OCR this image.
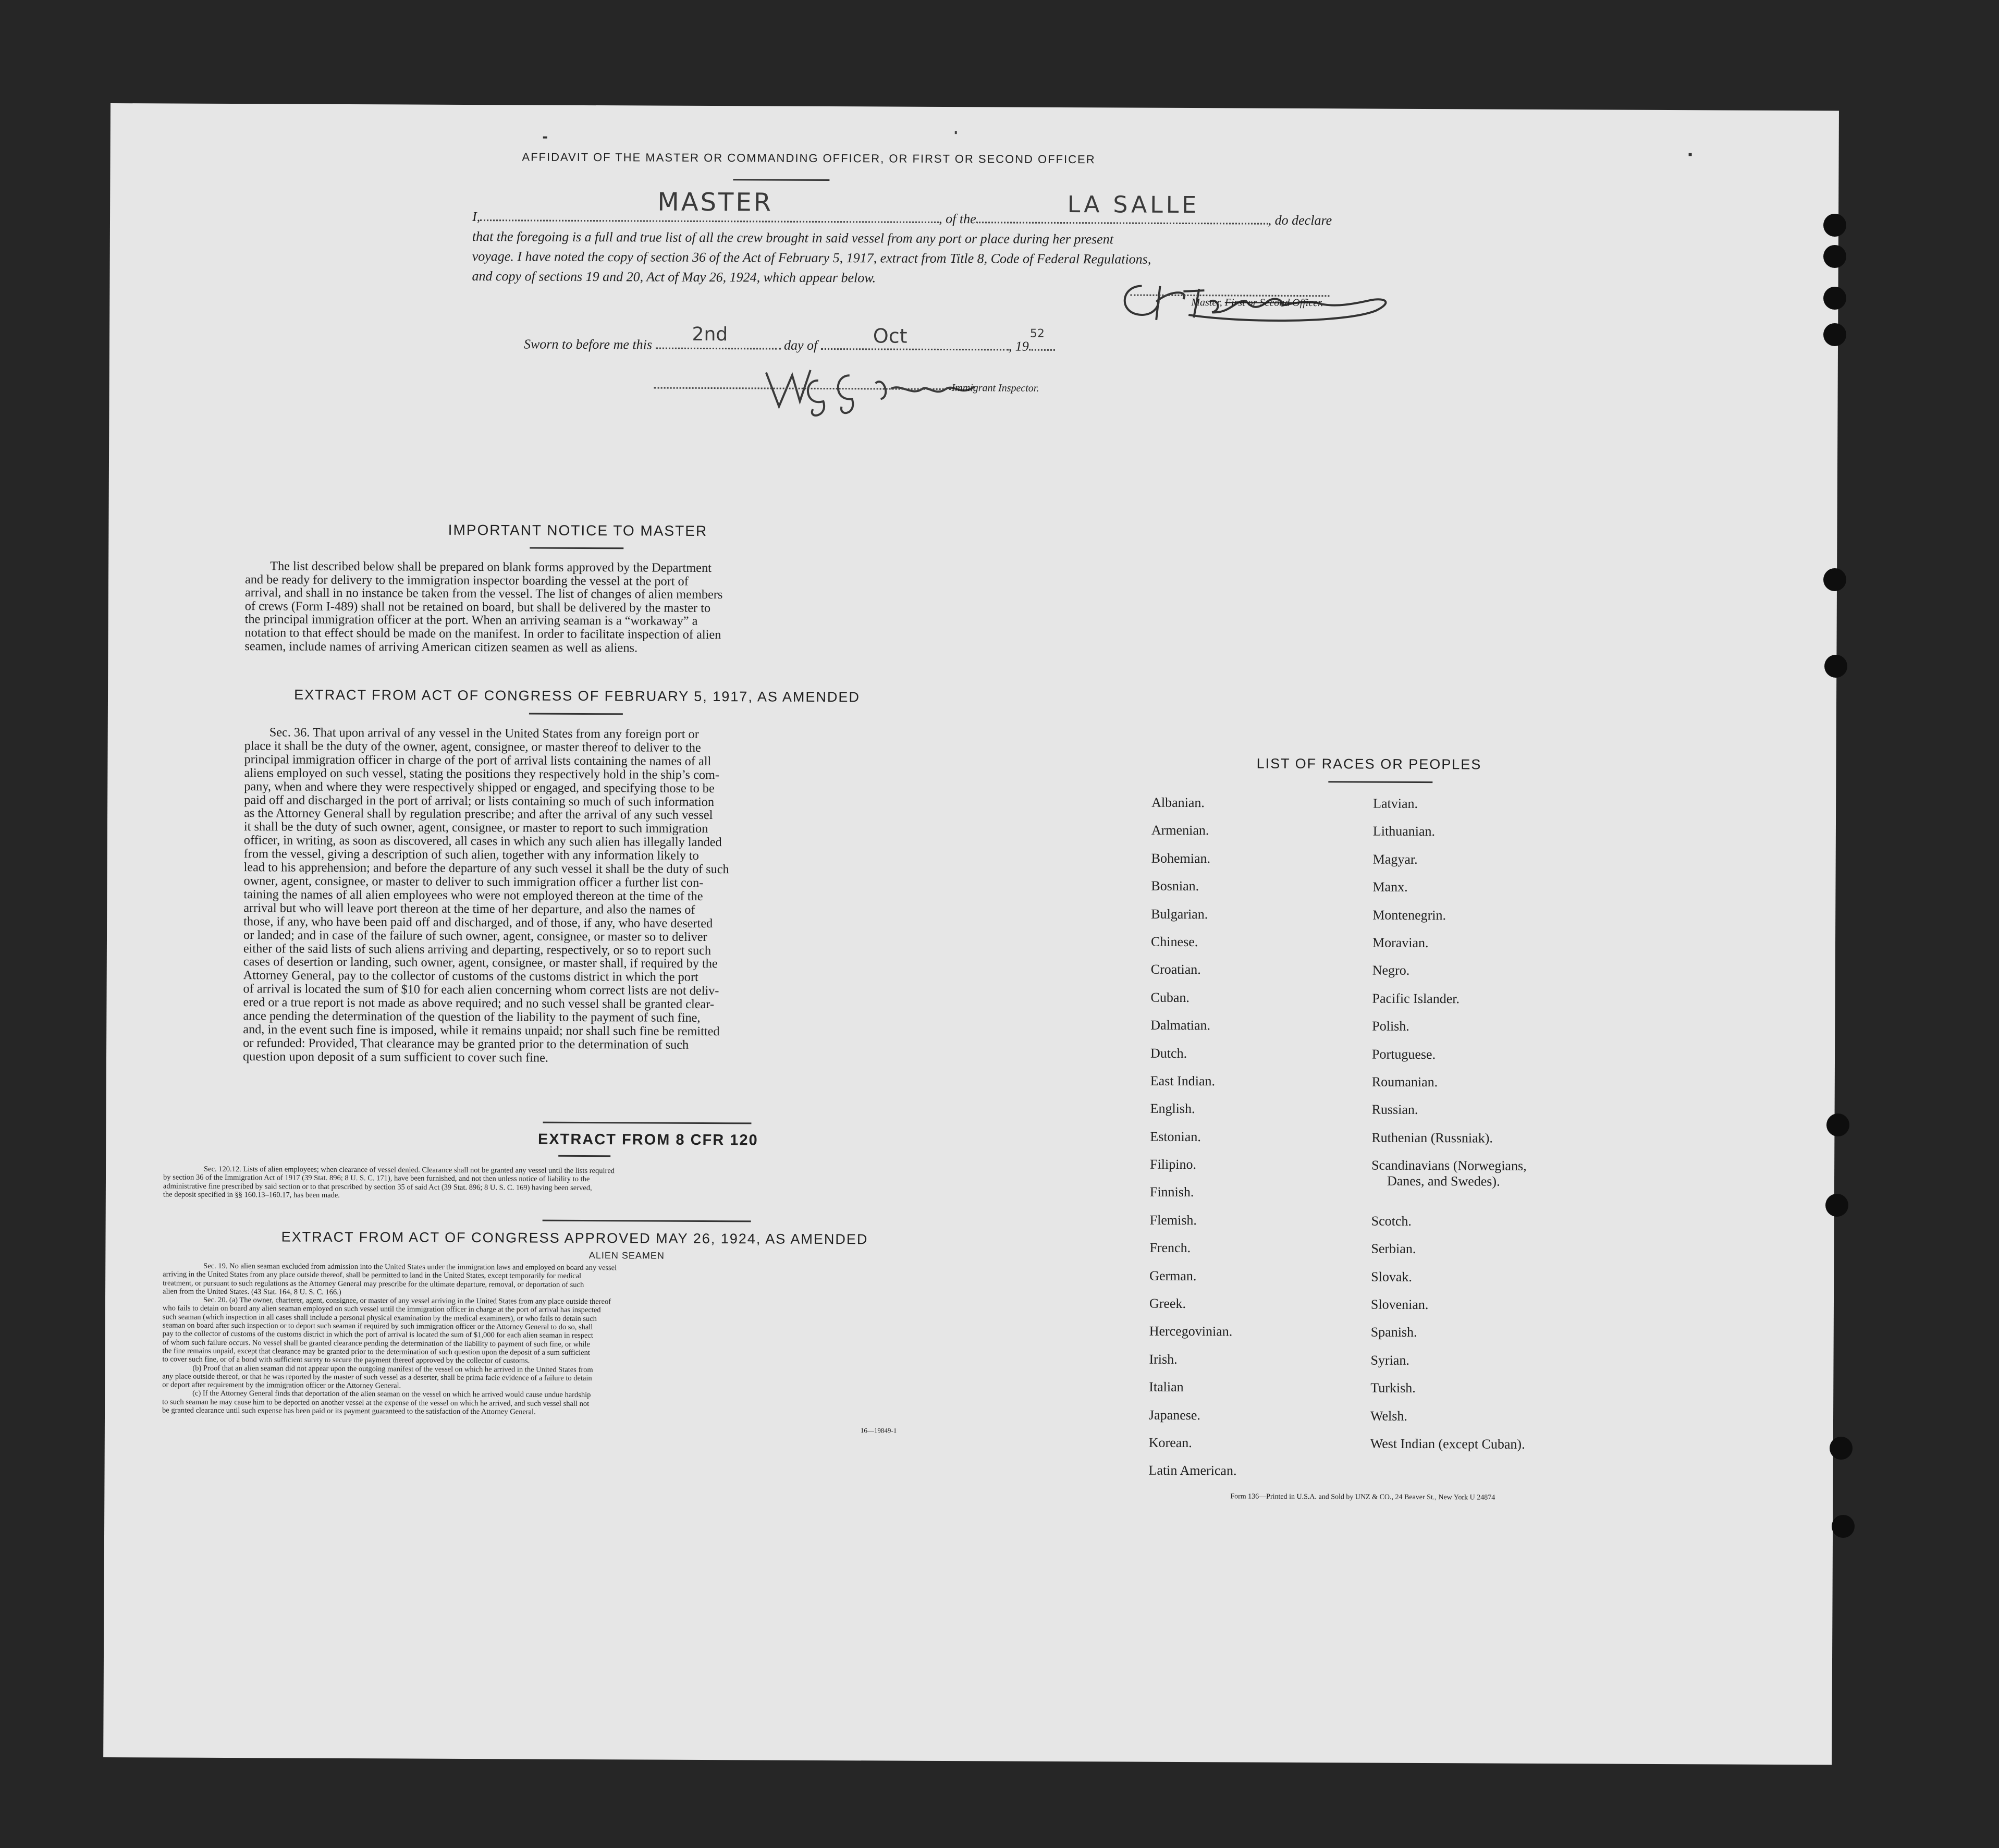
AFFIDAVIT OF THE MASTER OR COMMANDING OFFICER, OR FIRST OR SECOND OFFICER
I,	MASTER
, of the
LA SALLE
, do declare
that the foregoing is a full and true list of all the crew brought in said vessel from any port or place during her present
voyage. I have noted the copy of section 36 of the Act of February 5, 1917, extract from Title 8, Code of Federal Regulations,
and copy of sections 19 and 20, Act of May 26, 1924, which appear below.
Master, First or Second Officer.
Sworn to before me this 2nd
day of	Oct	, 19
52
Immigrant Inspector.
IMPORTANT NOTICE TO MASTER
The list described below shall be prepared on blank forms approved by the Department
and be ready for delivery to the immigration inspector boarding the vessel at the port of
arrival, and shall in no instance be taken from the vessel. The list of changes of alien members
of crews (Form I-489) shall not be retained on board, but shall be delivered by the master to
the principal immigration officer at the port. When an arriving seaman is a “workaway” a
notation to that effect should be made on the manifest. In order to facilitate inspection of alien
seamen, include names of arriving American citizen seamen as well as aliens.
EXTRACT FROM ACT OF CONGRESS OF FEBRUARY 5, 1917, AS AMENDED
Sec. 36. That upon arrival of any vessel in the United States from any foreign port or
place it shall be the duty of the owner, agent, consignee, or master thereof to deliver to the
principal immigration officer in charge of the port of arrival lists containing the names of all
aliens employed on such vessel, stating the positions they respectively hold in the ship’s com-
pany, when and where they were respectively shipped or engaged, and specifying those to be
paid off and discharged in the port of arrival; or lists containing so much of such information
as the Attorney General shall by regulation prescribe; and after the arrival of any such vessel
it shall be the duty of such owner, agent, consignee, or master to report to such immigration
officer, in writing, as soon as discovered, all cases in which any such alien has illegally landed
from the vessel, giving a description of such alien, together with any information likely to
lead to his apprehension; and before the departure of any such vessel it shall be the duty of such
owner, agent, consignee, or master to deliver to such immigration officer a further list con-
taining the names of all alien employees who were not employed thereon at the time of the
arrival but who will leave port thereon at the time of her departure, and also the names of
those, if any, who have been paid off and discharged, and of those, if any, who have deserted
or landed; and in case of the failure of such owner, agent, consignee, or master so to deliver
either of the said lists of such aliens arriving and departing, respectively, or so to report such
cases of desertion or landing, such owner, agent, consignee, or master shall, if required by the
Attorney General, pay to the collector of customs of the customs district in which the port
of arrival is located the sum of $10 for each alien concerning whom correct lists are not deliv-
ered or a true report is not made as above required; and no such vessel shall be granted clear-
ance pending the determination of the question of the liability to the payment of such fine,
and, in the event such fine is imposed, while it remains unpaid; nor shall such fine be remitted
or refunded: Provided, That clearance may be granted prior to the determination of such
question upon deposit of a sum sufficient to cover such fine.
EXTRACT FROM 8 CFR 120
Sec. 120.12. Lists of alien employees; when clearance of vessel denied. Clearance shall not be granted any vessel until the lists required
by section 36 of the Immigration Act of 1917 (39 Stat. 896; 8 U. S. C. 171), have been furnished, and not then unless notice of liability to the
administrative fine prescribed by said section or to that prescribed by section 35 of said Act (39 Stat. 896; 8 U. S. C. 169) having been served,
the deposit specified in §§ 160.13–160.17, has been made.
EXTRACT FROM ACT OF CONGRESS APPROVED MAY 26, 1924, AS AMENDED
ALIEN SEAMEN
Sec. 19. No alien seaman excluded from admission into the United States under the immigration laws and employed on board any vessel
arriving in the United States from any place outside thereof, shall be permitted to land in the United States, except temporarily for medical
treatment, or pursuant to such regulations as the Attorney General may prescribe for the ultimate departure, removal, or deportation of such
alien from the United States. (43 Stat. 164, 8 U. S. C. 166.)
Sec. 20. (a) The owner, charterer, agent, consignee, or master of any vessel arriving in the United States from any place outside thereof
who fails to detain on board any alien seaman employed on such vessel until the immigration officer in charge at the port of arrival has inspected
such seaman (which inspection in all cases shall include a personal physical examination by the medical examiners), or who fails to detain such
seaman on board after such inspection or to deport such seaman if required by such immigration officer or the Attorney General to do so, shall
pay to the collector of customs of the customs district in which the port of arrival is located the sum of $1,000 for each alien seaman in respect
of whom such failure occurs. No vessel shall be granted clearance pending the determination of the liability to payment of such fine, or while
the fine remains unpaid, except that clearance may be granted prior to the determination of such question upon the deposit of a sum sufficient
to cover such fine, or of a bond with sufficient surety to secure the payment thereof approved by the collector of customs.
(b) Proof that an alien seaman did not appear upon the outgoing manifest of the vessel on which he arrived in the United States from
any place outside thereof, or that he was reported by the master of such vessel as a deserter, shall be prima facie evidence of a failure to detain
or deport after requirement by the immigration officer or the Attorney General.
(c) If the Attorney General finds that deportation of the alien seaman on the vessel on which he arrived would cause undue hardship
to such seaman he may cause him to be deported on another vessel at the expense of the vessel on which he arrived, and such vessel shall not
be granted clearance until such expense has been paid or its payment guaranteed to the satisfaction of the Attorney General.
16—19849-1
LIST OF RACES OR PEOPLES
Albanian.
Armenian.
Bohemian.
Bosnian.
Bulgarian.
Chinese.
Croatian.
Cuban.
Dalmatian.
Dutch.
East Indian.
English.
Estonian.
Filipino.
Finnish.
Flemish.
French.
German.
Greek.
Hercegovinian.
Irish.
Italian
Japanese.
Korean.
Latin American.
Latvian.
Lithuanian.
Magyar.
Manx.
Montenegrin.
Moravian.
Negro.
Pacific Islander.
Polish.
Portuguese.
Roumanian.
Russian.
Ruthenian (Russniak).
Scandinavians (Norwegians,
Danes, and Swedes).
Scotch.
Serbian.
Slovak.
Slovenian.
Spanish.
Syrian.
Turkish.
Welsh.
West Indian (except Cuban).
Form 136—Printed in U.S.A. and Sold by UNZ & CO., 24 Beaver St., New York U 24874
